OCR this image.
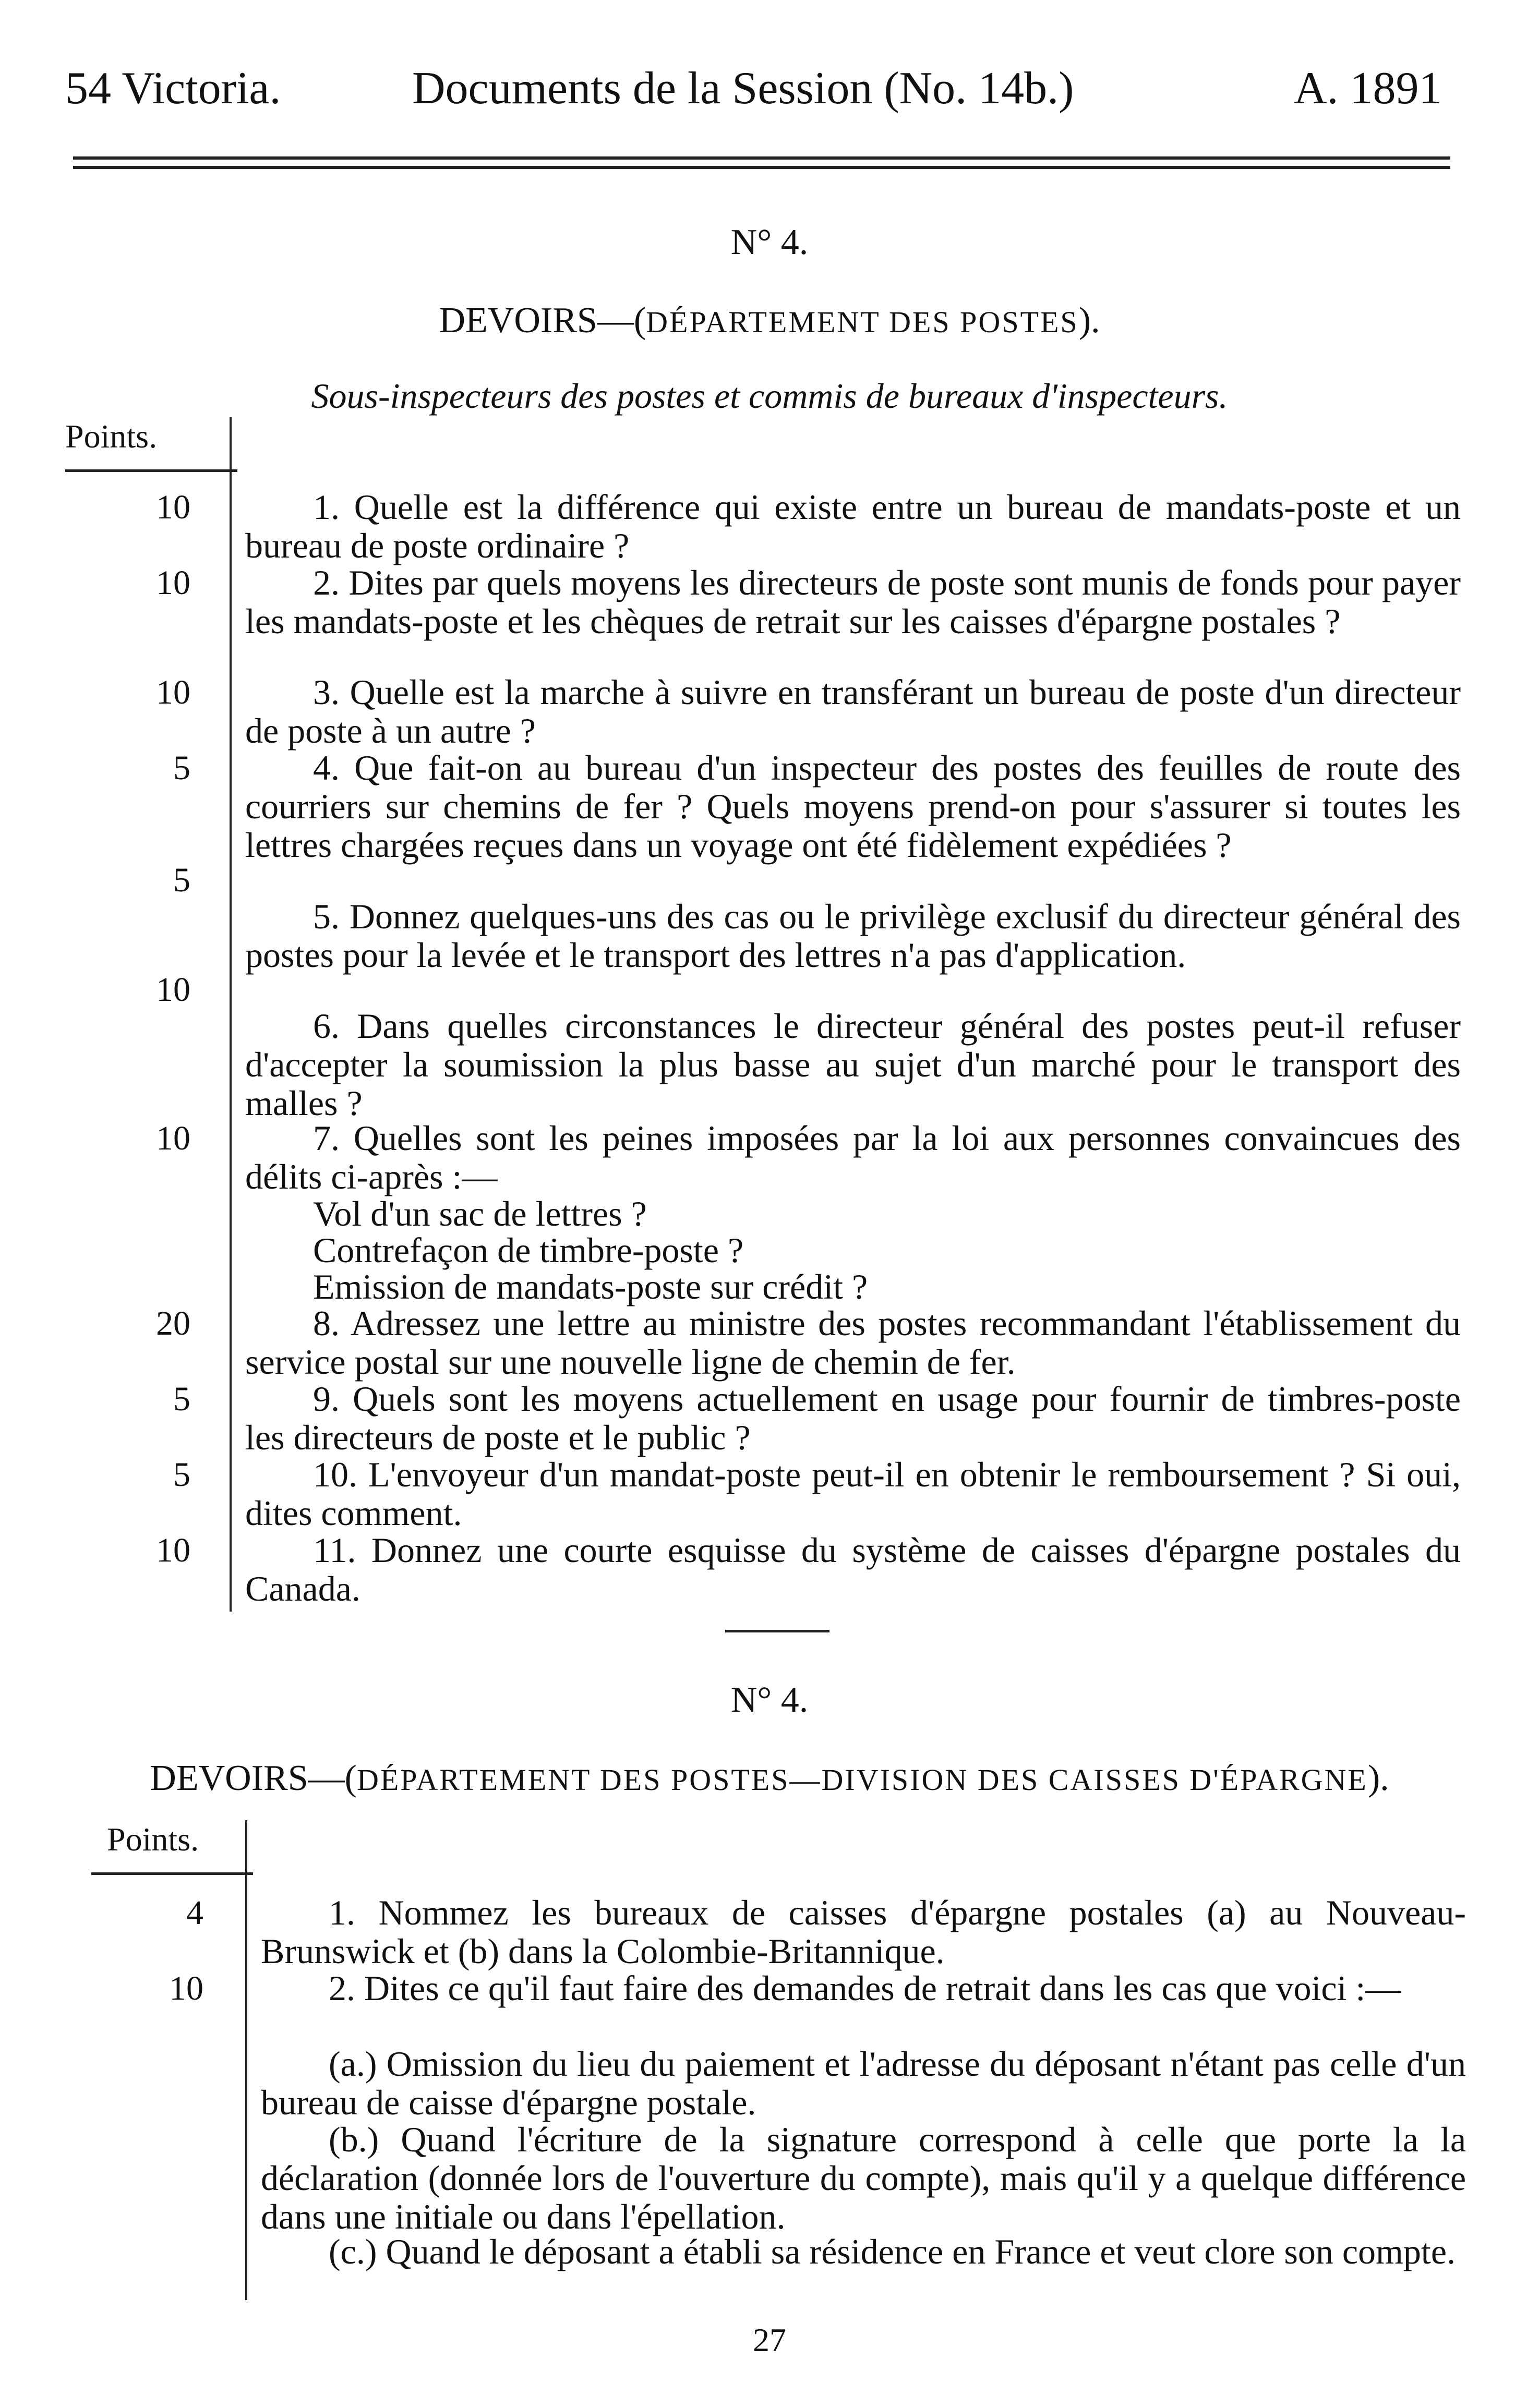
54 Victoria.	Documents de la Session (No. 14b.)	A. 1891
N° 4.
DEVOIRS—(DÉPARTEMENT DES POSTES).
Sous-inspecteurs des postes et commis de bureaux d'inspecteurs.
Points.
10
10
10
5
5
10
10
20
5
5
10
1. Quelle est la différence qui existe entre un bureau de mandats-poste et un bureau de poste ordinaire ?
2. Dites par quels moyens les directeurs de poste sont munis de fonds pour payer les mandats-poste et les chèques de retrait sur les caisses d'épargne postales ?
3. Quelle est la marche à suivre en transférant un bureau de poste d'un directeur de poste à un autre ?
4. Que fait-on au bureau d'un inspecteur des postes des feuilles de route des courriers sur chemins de fer ? Quels moyens prend-on pour s'assurer si toutes les lettres chargées reçues dans un voyage ont été fidèlement expédiées ?
5. Donnez quelques-uns des cas ou le privilège exclusif du directeur général des postes pour la levée et le transport des lettres n'a pas d'application.
6. Dans quelles circonstances le directeur général des postes peut-il refuser d'accepter la soumission la plus basse au sujet d'un marché pour le transport des malles ?
7. Quelles sont les peines imposées par la loi aux personnes convaincues des délits ci-après :—
Vol d'un sac de lettres ?
Contrefaçon de timbre-poste ?
Emission de mandats-poste sur crédit ?
8. Adressez une lettre au ministre des postes recommandant l'établissement du service postal sur une nouvelle ligne de chemin de fer.
9. Quels sont les moyens actuellement en usage pour fournir de timbres-poste les directeurs de poste et le public ?
10. L'envoyeur d'un mandat-poste peut-il en obtenir le remboursement ? Si oui, dites comment.
11. Donnez une courte esquisse du système de caisses d'épargne postales du Canada.
N° 4.
DEVOIRS—(DÉPARTEMENT DES POSTES—DIVISION DES CAISSES D'ÉPARGNE).
Points.
4
10
1. Nommez les bureaux de caisses d'épargne postales (a) au Nouveau-Brunswick et (b) dans la Colombie-Britannique.
2. Dites ce qu'il faut faire des demandes de retrait dans les cas que voici :—
(a.) Omission du lieu du paiement et l'adresse du déposant n'étant pas celle d'un bureau de caisse d'épargne postale.
(b.) Quand l'écriture de la signature correspond à celle que porte la la déclaration (donnée lors de l'ouverture du compte), mais qu'il y a quelque différence dans une initiale ou dans l'épellation.
(c.) Quand le déposant a établi sa résidence en France et veut clore son compte.
27
